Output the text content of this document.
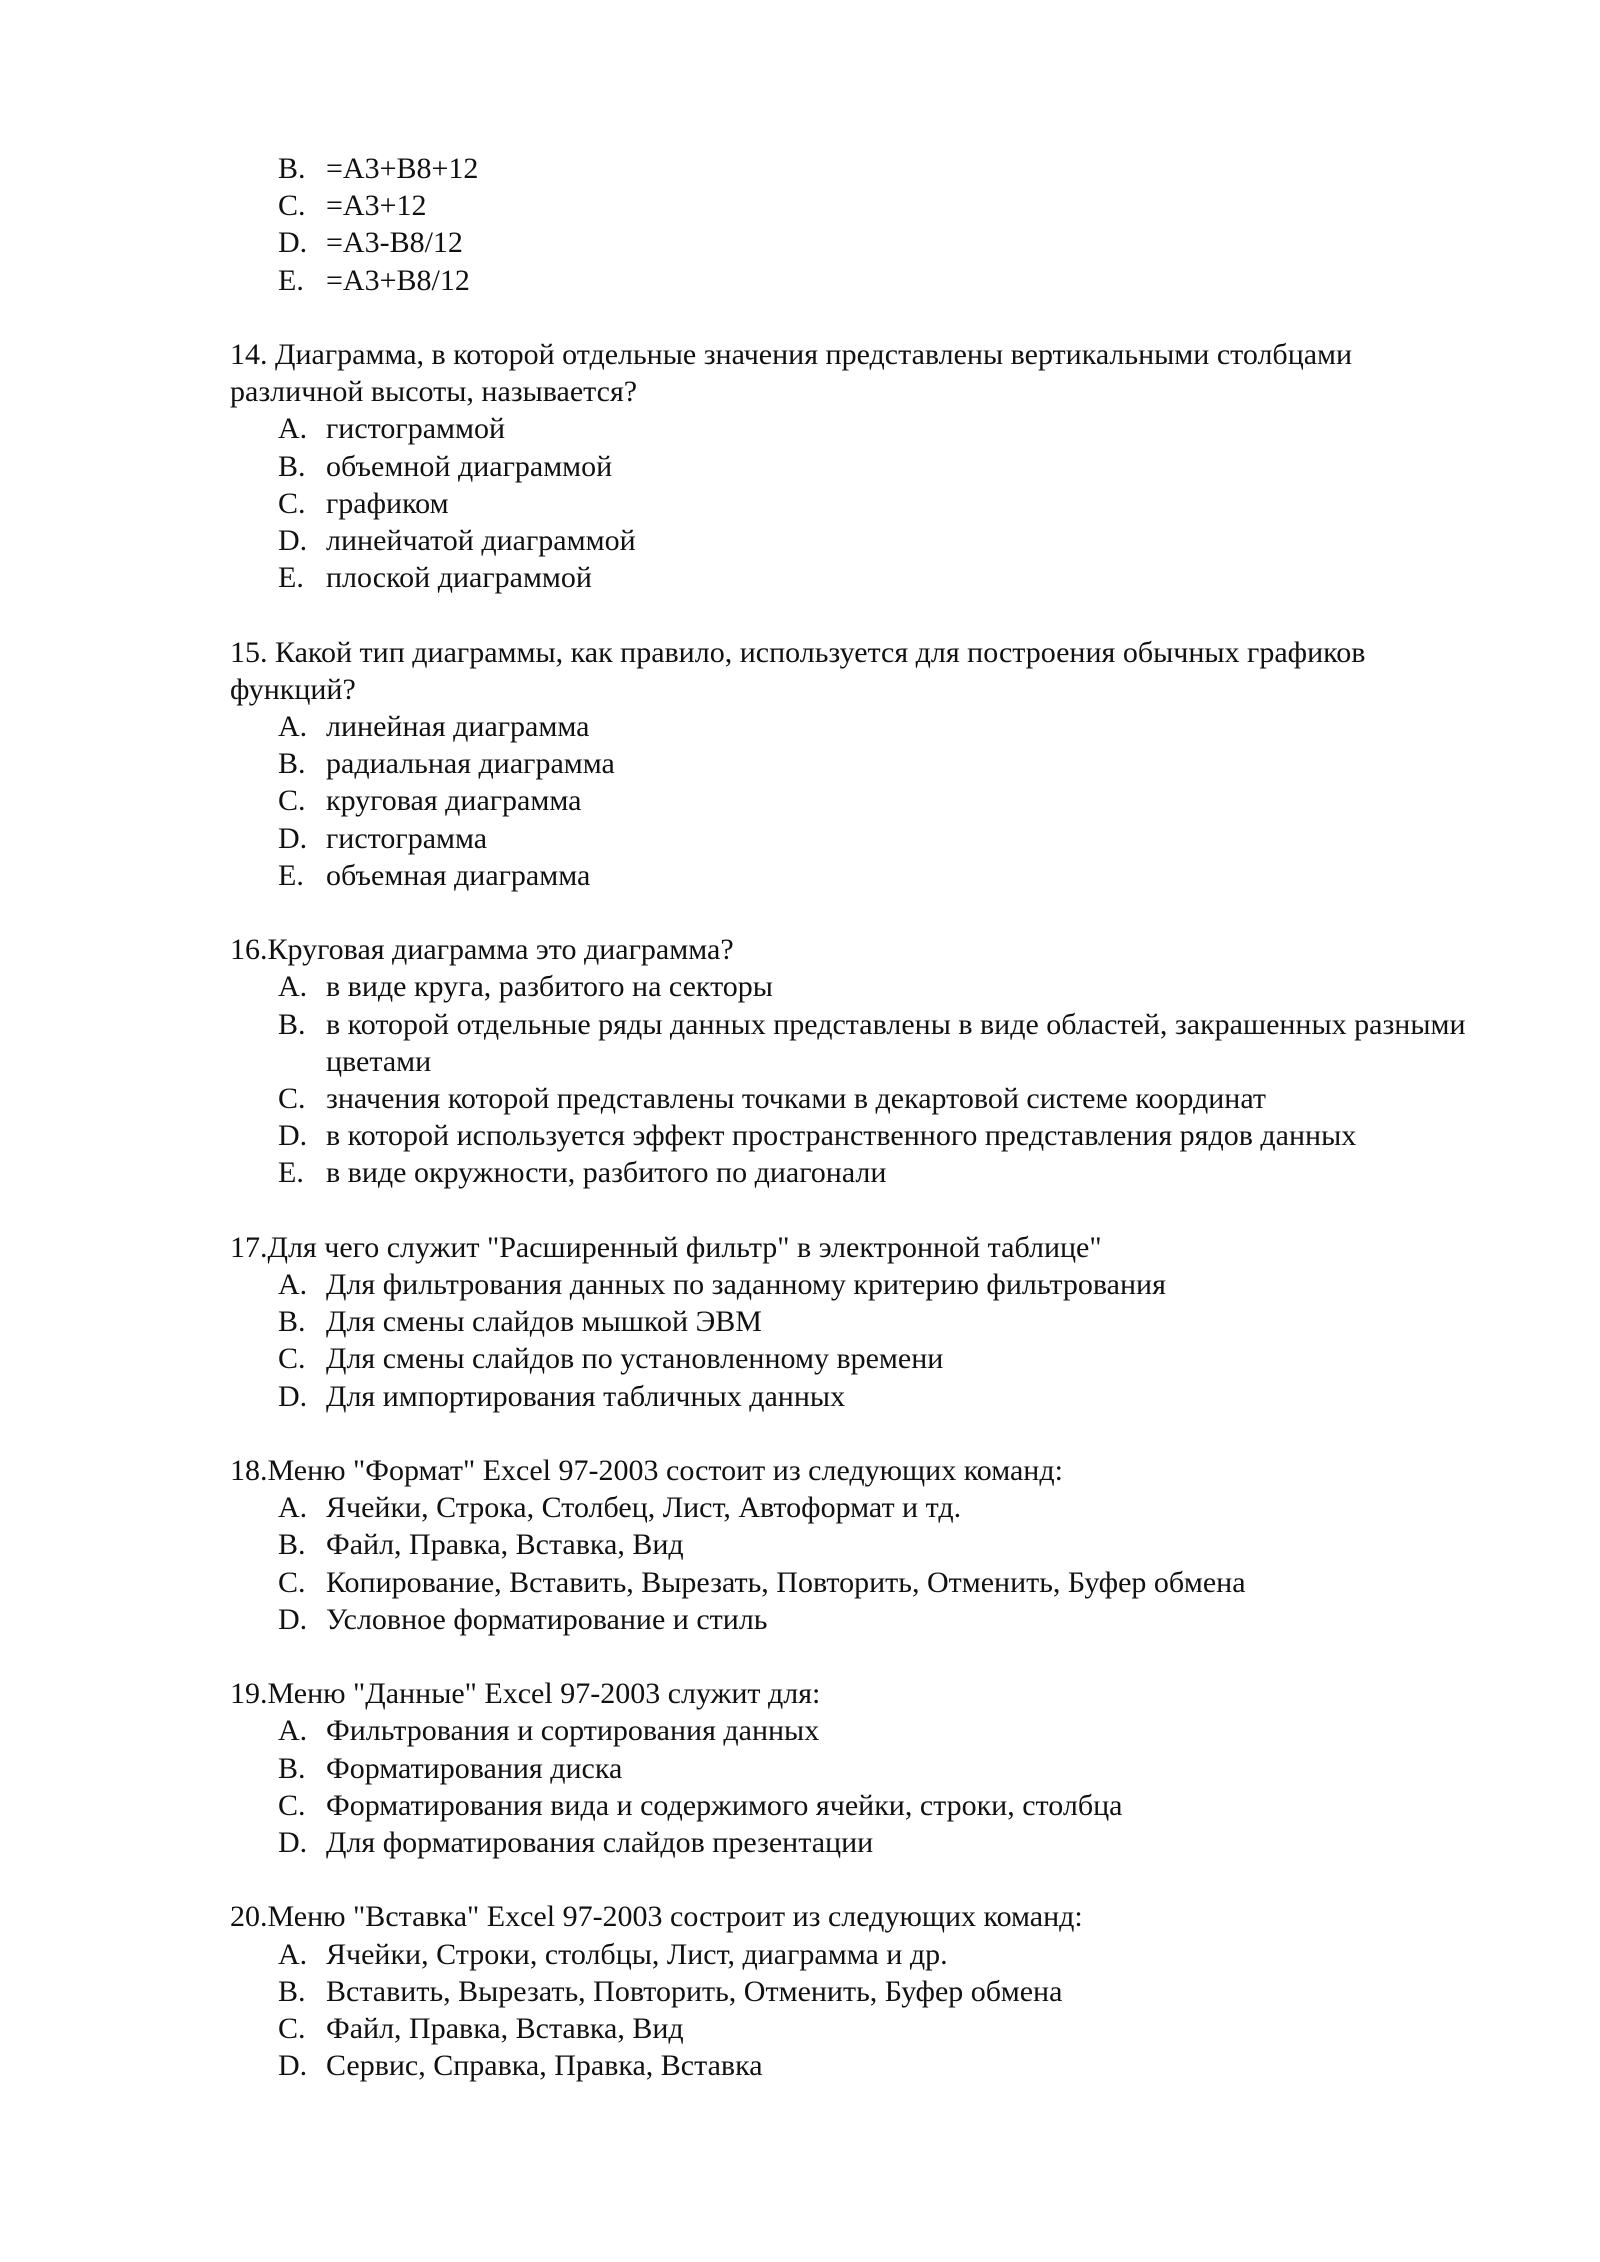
B. =A3+B8+12
C. =A3+12
D. =A3-B8/12
E. =A3+B8/12

14. Диаграмма, в которой отдельные значения представлены вертикальными столбцами различной высоты, называется?

A. гистограммой
B. объемной диаграммой
C. графиком
D. линейчатой диаграммой
E. плоской диаграммой

15. Какой тип диаграммы, как правило, используется для построения обычных графиков функций?

A. линейная диаграмма
B. радиальная диаграмма
C. круговая диаграмма
D. гистограмма
E. объемная диаграмма

16.Круговая диаграмма это диаграмма?

A. в виде круга, разбитого на секторы
B. в которой отдельные ряды данных представлены в виде областей, закрашенных разными цветами
C. значения которой представлены точками в декартовой системе координат
D. в которой используется эффект пространственного представления рядов данных
E. в виде окружности, разбитого по диагонали

17.Для чего служит "Расширенный фильтр" в электронной таблице"

A. Для фильтрования данных по заданному критерию фильтрования
B. Для смены слайдов мышкой ЭВМ
C. Для смены слайдов по установленному времени
D. Для импортирования табличных данных

18.Меню "Формат" Excel 97-2003 состоит из следующих команд:

A. Ячейки, Строка, Столбец, Лист, Автоформат и тд.
B. Файл, Правка, Вставка, Вид
C. Копирование, Вставить, Вырезать, Повторить, Отменить, Буфер обмена
D. Условное форматирование и стиль

19.Меню "Данные" Excel 97-2003 служит для:

A. Фильтрования и сортирования данных
B. Форматирования диска
C. Форматирования вида и содержимого ячейки, строки, столбца
D. Для форматирования слайдов презентации

20.Меню "Вставка" Excel 97-2003 состроит из следующих команд:

A. Ячейки, Строки, столбцы, Лист, диаграмма и др.
B. Вставить, Вырезать, Повторить, Отменить, Буфер обмена
C. Файл, Правка, Вставка, Вид
D. Сервис, Справка, Правка, Вставка
